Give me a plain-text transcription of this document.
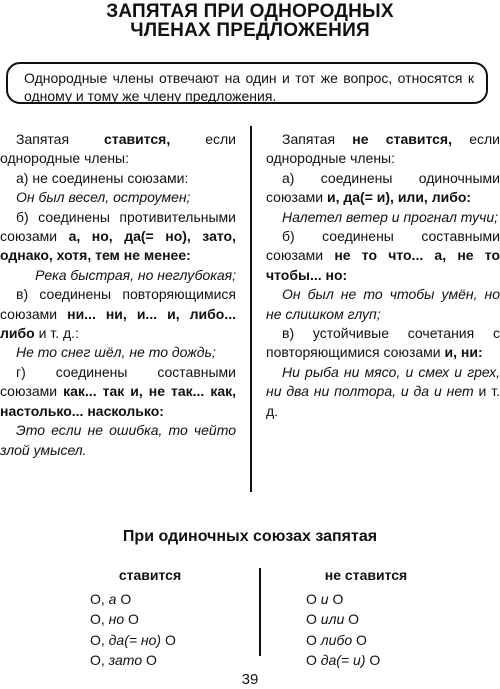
ЗАПЯТАЯ ПРИ ОДНОРОДНЫХ
ЧЛЕНАХ ПРЕДЛОЖЕНИЯ
Однородные члены отвечают на один и тот же вопрос, относятся к одному и тому же члену предложения.

Запятая ставится, если однородные члены:

а) не соединены союзами:

Он был весел, остроумен;

б) соединены противительными союзами а, но, да(= но), зато, однако, хотя, тем не менее:

Река быстрая, но неглубокая;

в) соединены повторяющимися союзами ни... ни, и... и, либо... либо и т. д.:

Не то снег шёл, не то дождь;

г) соединены составными союзами как... так и, не так... как, настолько... насколько:

Это если не ошибка, то чейто злой умысел.

Запятая не ставится, если однородные члены:

а) соединены одиночными союзами и, да(= и), или, либо:

Налетел ветер и прогнал тучи;

б) соединены составными союзами не то что... а, не то чтобы... но:

Он был не то чтобы умён, но не слишком глуп;

в) устойчивые сочетания с повторяющимися союзами и, ни:

Ни рыба ни мясо, и смех и грех, ни два ни полтора, и да и нет и т. д.

При одиночных союзах запятая
ставится
О, а О
О, но О
О, да(= но) О
О, зато О
не ставится
О и О
О или О
О либо О
О да(= и) О
39
